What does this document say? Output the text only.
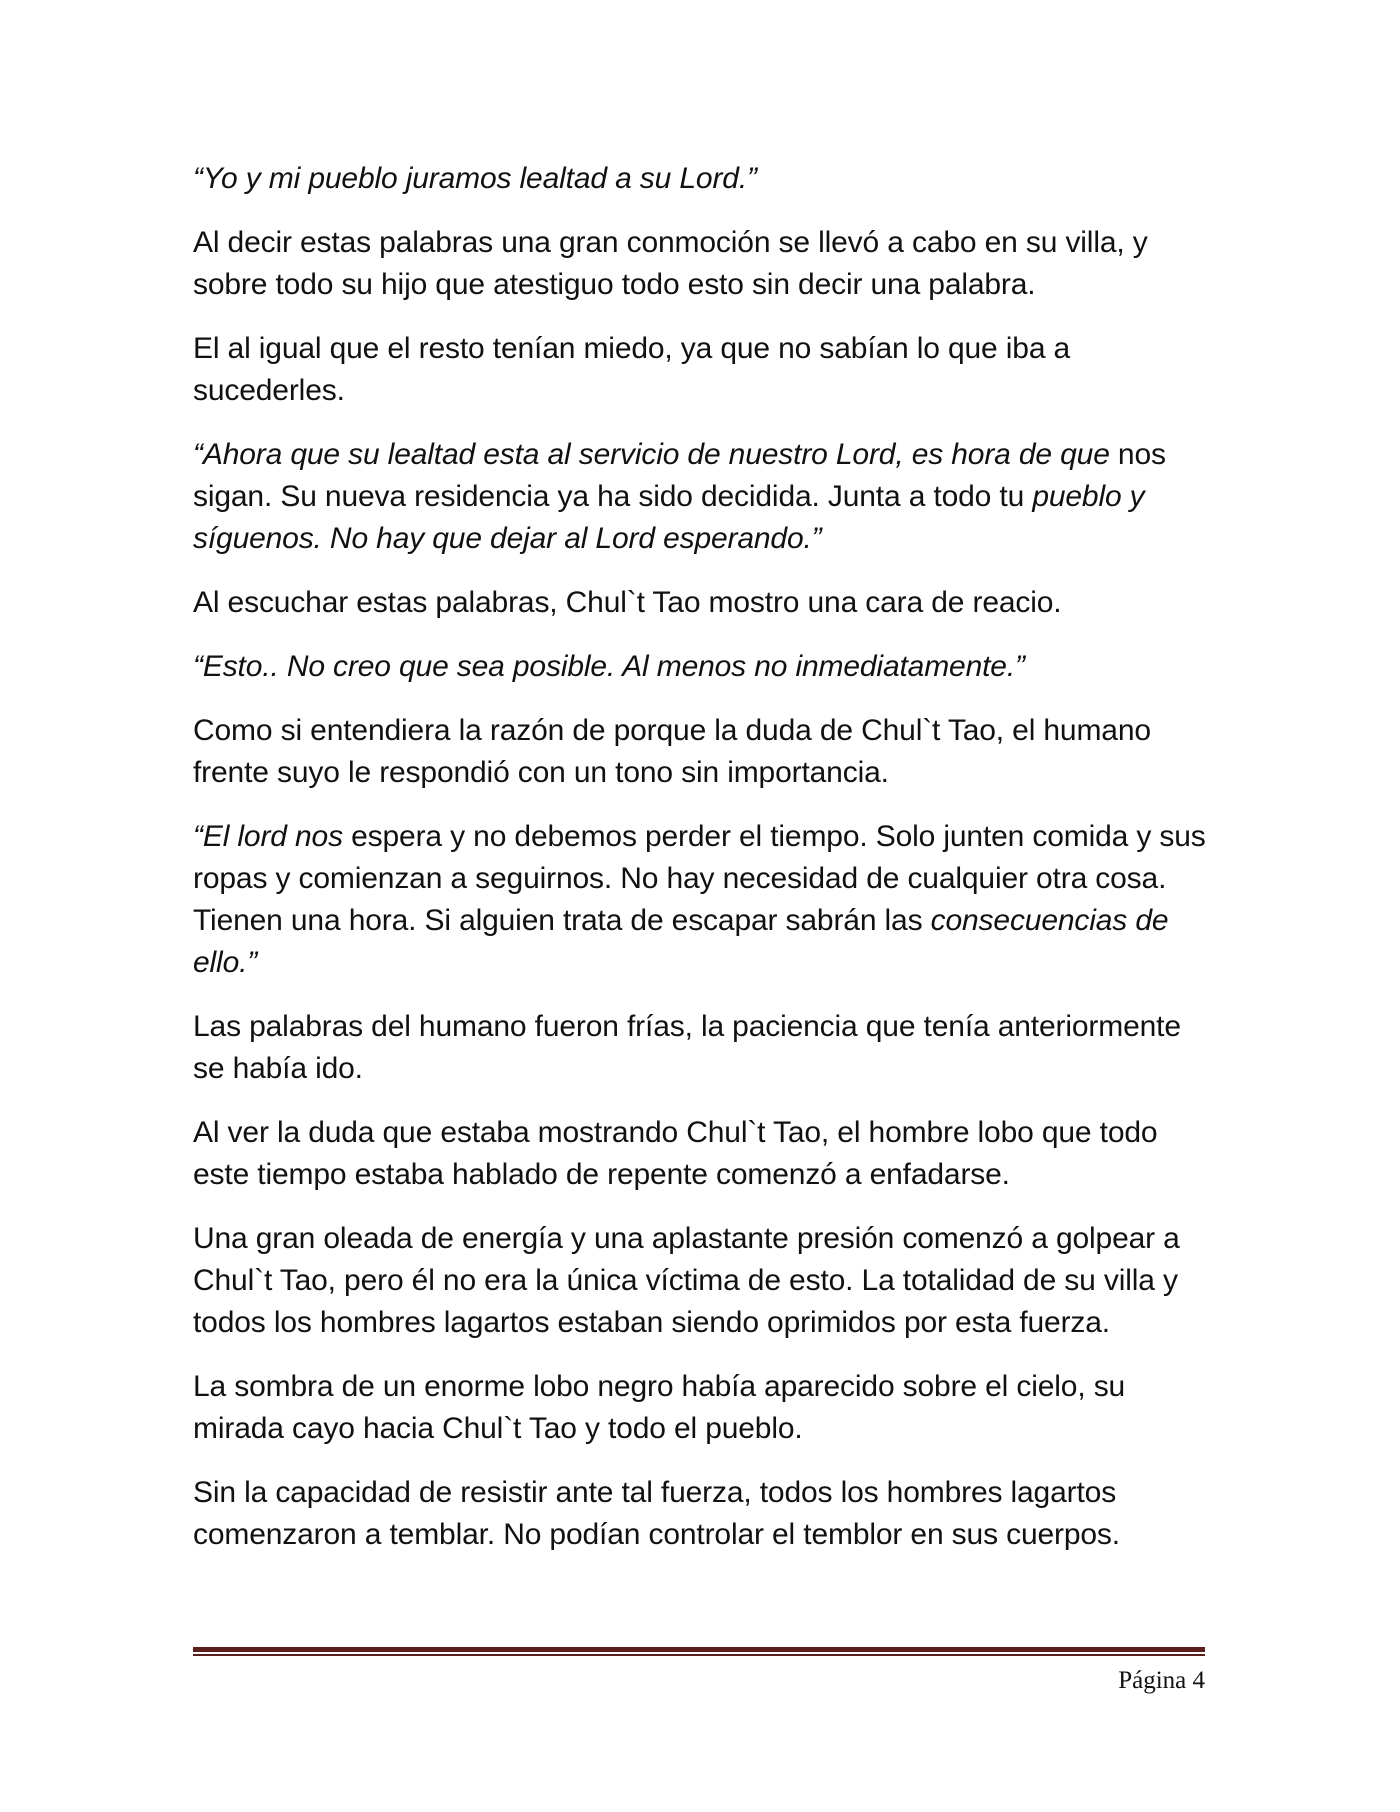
“Yo y mi pueblo juramos lealtad a su Lord.”

Al decir estas palabras una gran conmoción se llevó a cabo en su villa, y sobre todo su hijo que atestiguo todo esto sin decir una palabra.

El al igual que el resto tenían miedo, ya que no sabían lo que iba a sucederles.

“Ahora que su lealtad esta al servicio de nuestro Lord, es hora de que nos sigan. Su nueva residencia ya ha sido decidida. Junta a todo tu pueblo y síguenos. No hay que dejar al Lord esperando.”

Al escuchar estas palabras, Chul`t Tao mostro una cara de reacio.

“Esto.. No creo que sea posible. Al menos no inmediatamente.”

Como si entendiera la razón de porque la duda de Chul`t Tao, el humano frente suyo le respondió con un tono sin importancia.

“El lord nos espera y no debemos perder el tiempo. Solo junten comida y sus ropas y comienzan a seguirnos. No hay necesidad de cualquier otra cosa. Tienen una hora. Si alguien trata de escapar sabrán las consecuencias de ello.”

Las palabras del humano fueron frías, la paciencia que tenía anteriormente se había ido.

Al ver la duda que estaba mostrando Chul`t Tao, el hombre lobo que todo este tiempo estaba hablado de repente comenzó a enfadarse.

Una gran oleada de energía y una aplastante presión comenzó a golpear a Chul`t Tao, pero él no era la única víctima de esto. La totalidad de su villa y todos los hombres lagartos estaban siendo oprimidos por esta fuerza.

La sombra de un enorme lobo negro había aparecido sobre el cielo, su mirada cayo hacia Chul`t Tao y todo el pueblo.

Sin la capacidad de resistir ante tal fuerza, todos los hombres lagartos comenzaron a temblar. No podían controlar el temblor en sus cuerpos.

Página 4
